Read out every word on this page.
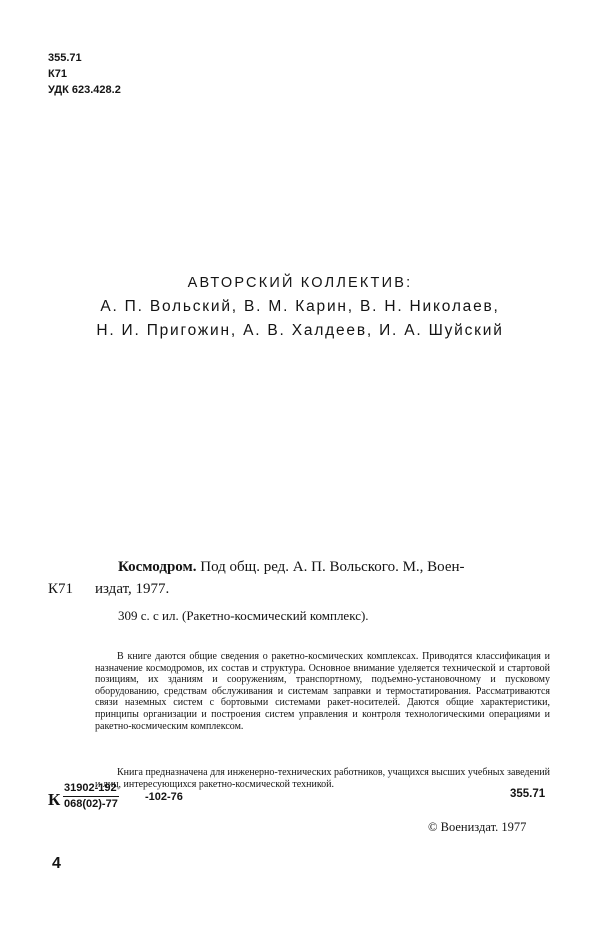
355.71
К71
УДК 623.428.2
АВТОРСКИЙ КОЛЛЕКТИВ:
А. П. Вольский, В. М. Карин, В. Н. Николаев,
Н. И. Пригожин, А. В. Халдеев, И. А. Шуйский
Космодром. Под общ. ред. А. П. Вольского. М., Воен-
К71 издат, 1977.
309 с. с ил. (Ракетно-космический комплекс).

В книге даются общие сведения о ракетно-космических комплексах. Приводятся классификация и назначение космодромов, их состав и структура. Основное внимание уделяется технической и стартовой позициям, их зданиям и сооружениям, транспортному, подъемно-установочному и пусковому оборудованию, средствам обслуживания и системам заправки и термостатирования. Рассматриваются связи наземных систем с бортовыми системами ракет-носителей. Даются общие характеристики, принципы организации и построения систем управления и контроля технологическими операциями и ракетно-космическим комплексом.

Книга предназначена для инженерно-технических работников, учащихся высших учебных заведений и лиц, интересующихся ракетно-космической техникой.

К $\frac{31902-192}{068(02)-77} -102-76$	355.71
© Воениздат. 1977
4
